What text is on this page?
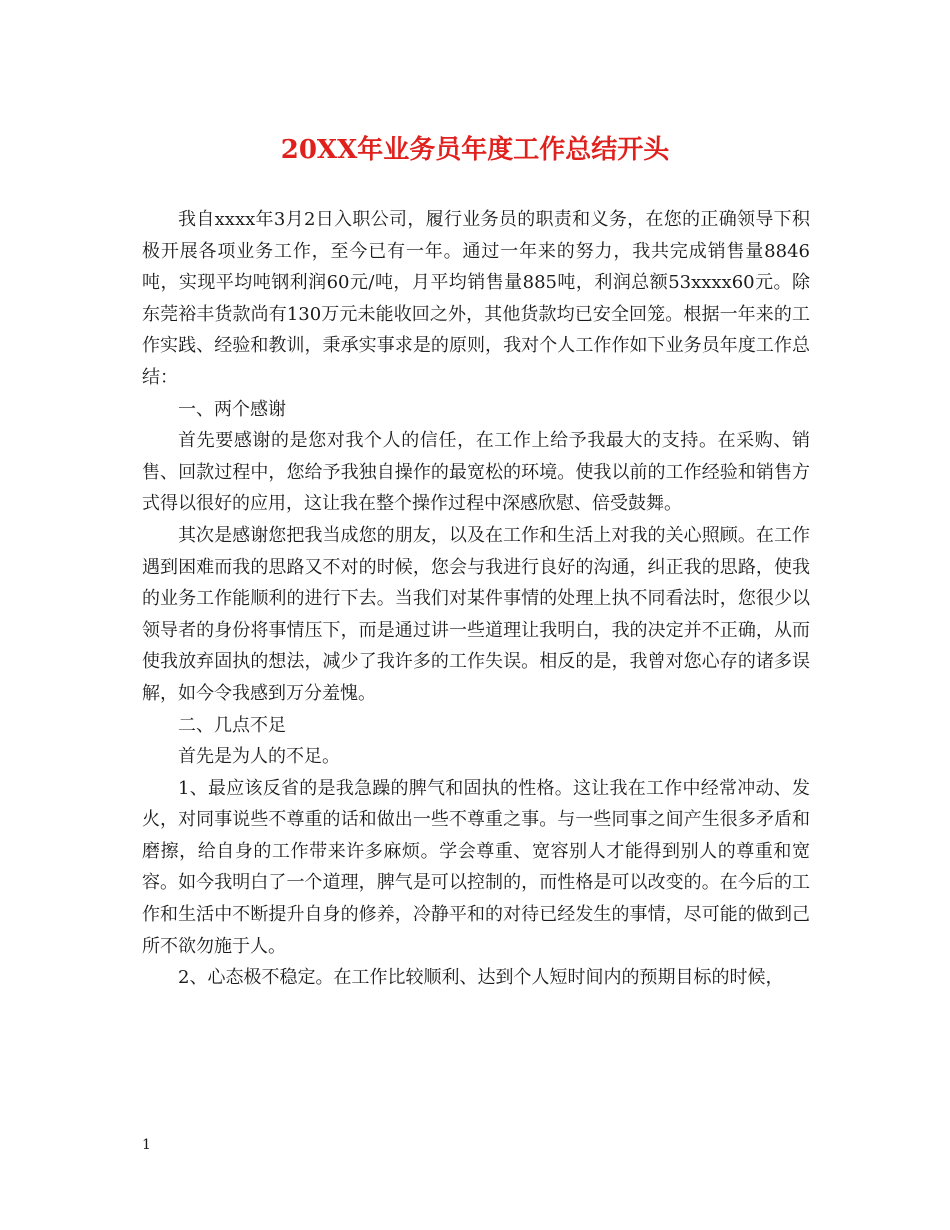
20XX年业务员年度工作总结开头

我自xxxx年3月2日入职公司，履行业务员的职责和义务，在您的正确领导下积极开展各项业务工作，至今已有一年。通过一年来的努力，我共完成销售量8846吨，实现平均吨钢利润60元/吨，月平均销售量885吨，利润总额53xxxx60元。除东莞裕丰货款尚有130万元未能收回之外，其他货款均已安全回笼。根据一年来的工作实践、经验和教训，秉承实事求是的原则，我对个人工作作如下业务员年度工作总结：

一、两个感谢

首先要感谢的是您对我个人的信任，在工作上给予我最大的支持。在采购、销售、回款过程中，您给予我独自操作的最宽松的环境。使我以前的工作经验和销售方式得以很好的应用，这让我在整个操作过程中深感欣慰、倍受鼓舞。

其次是感谢您把我当成您的朋友，以及在工作和生活上对我的关心照顾。在工作遇到困难而我的思路又不对的时候，您会与我进行良好的沟通，纠正我的思路，使我的业务工作能顺利的进行下去。当我们对某件事情的处理上执不同看法时，您很少以领导者的身份将事情压下，而是通过讲一些道理让我明白，我的决定并不正确，从而使我放弃固执的想法，减少了我许多的工作失误。相反的是，我曾对您心存的诸多误解，如今令我感到万分羞愧。

二、几点不足

首先是为人的不足。

1、最应该反省的是我急躁的脾气和固执的性格。这让我在工作中经常冲动、发火，对同事说些不尊重的话和做出一些不尊重之事。与一些同事之间产生很多矛盾和磨擦，给自身的工作带来许多麻烦。学会尊重、宽容别人才能得到别人的尊重和宽容。如今我明白了一个道理，脾气是可以控制的，而性格是可以改变的。在今后的工作和生活中不断提升自身的修养，冷静平和的对待已经发生的事情，尽可能的做到己所不欲勿施于人。

2、心态极不稳定。在工作比较顺利、达到个人短时间内的预期目标的时候，

1
